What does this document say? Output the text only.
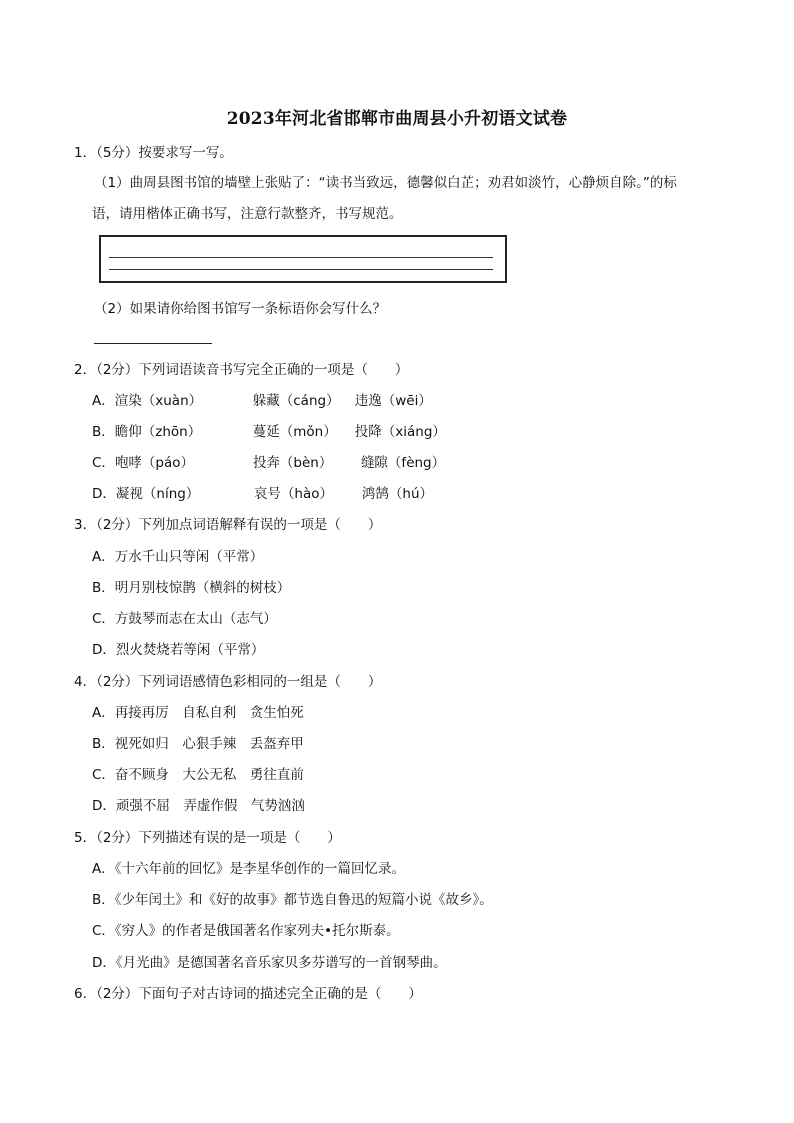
2023年河北省邯郸市曲周县小升初语文试卷
1．（5分）按要求写一写。
（1）曲周县图书馆的墙壁上张贴了：“读书当致远，德馨似白芷；劝君如淡竹，心静烦自除。”的标
语，请用楷体正确书写，注意行款整齐，书写规范。
（2）如果请你给图书馆写一条标语你会写什么？
2．（2分）下列词语读音书写完全正确的一项是（　　）
A．渲染（xuàn）	躲藏（cáng） 违逸（wēi）
B．瞻仰（zhōn）	蔓延（mǒn） 投降（xiáng）
C．咆哮（páo）	投奔（bèn） 缝隙（fèng）
D．凝视（níng）	哀号（hào） 鸿鹄（hú）
3．（2分）下列加点词语解释有误的一项是（　　）
A．万水千山只等闲（平常）
B．明月别枝惊鹊（横斜的树枝）
C．方鼓琴而志在太山（志气）
D．烈火焚烧若等闲（平常）
4．（2分）下列词语感情色彩相同的一组是（　　）
A．再接再厉　自私自利　贪生怕死
B．视死如归　心狠手辣　丢盔弃甲
C．奋不顾身　大公无私　勇往直前
D．顽强不屈　弄虚作假　气势汹汹
5．（2分）下列描述有误的是一项是（　　）
A．《十六年前的回忆》是李星华创作的一篇回忆录。
B．《少年闰土》和《好的故事》都节选自鲁迅的短篇小说《故乡》。
C．《穷人》的作者是俄国著名作家列夫•托尔斯泰。
D．《月光曲》是德国著名音乐家贝多芬谱写的一首钢琴曲。
6．（2分）下面句子对古诗词的描述完全正确的是（　　）
